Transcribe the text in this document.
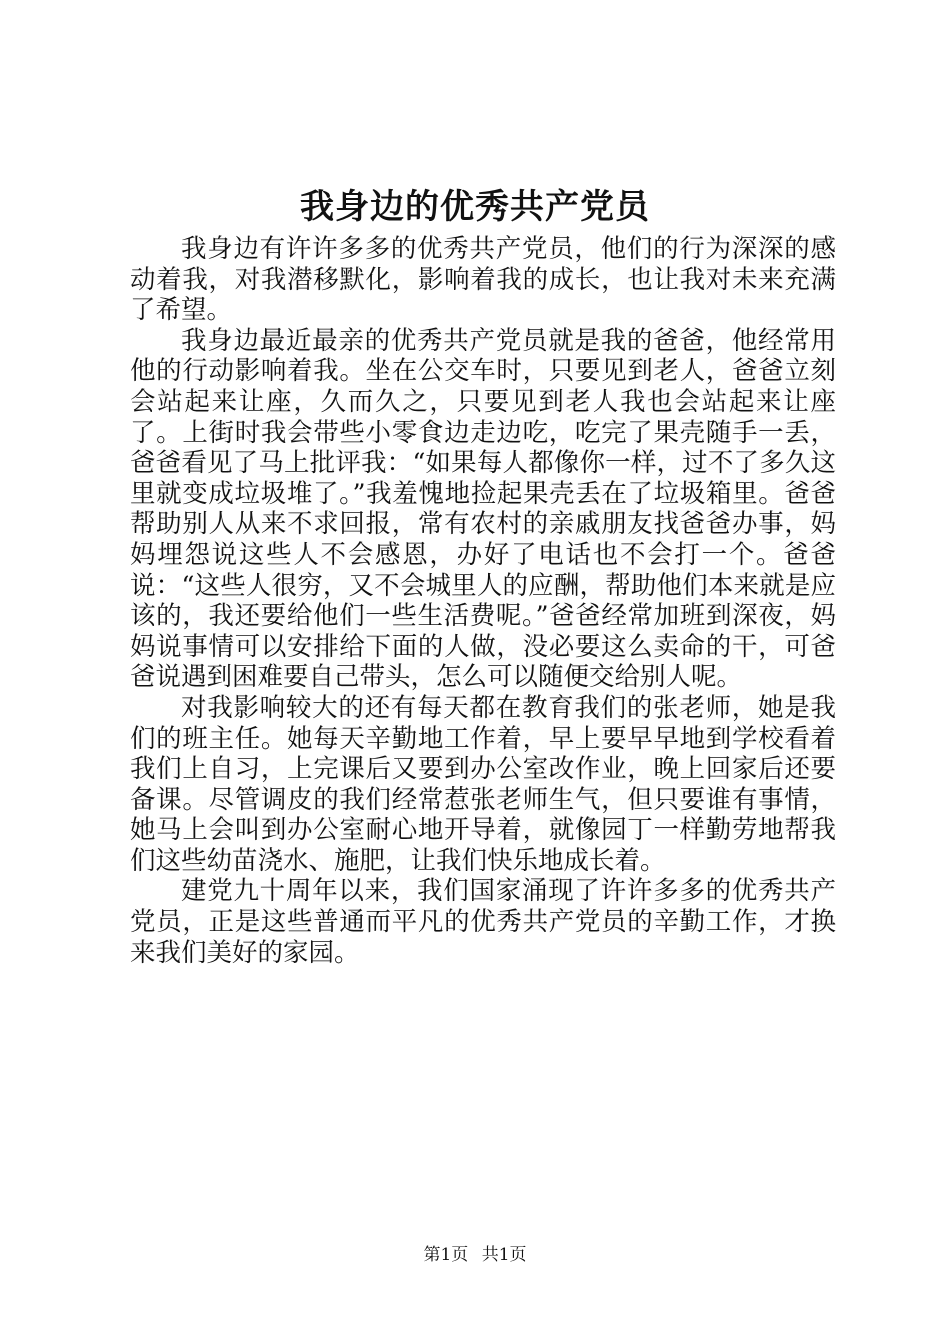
我身边的优秀共产党员

我身边有许许多多的优秀共产党员，他们的行为深深的感动着我，对我潜移默化，影响着我的成长，也让我对未来充满了希望。

我身边最近最亲的优秀共产党员就是我的爸爸，他经常用他的行动影响着我。坐在公交车时，只要见到老人，爸爸立刻会站起来让座，久而久之，只要见到老人我也会站起来让座了。上街时我会带些小零食边走边吃，吃完了果壳随手一丢，爸爸看见了马上批评我：“如果每人都像你一样，过不了多久这里就变成垃圾堆了。”我羞愧地捡起果壳丢在了垃圾箱里。爸爸帮助别人从来不求回报，常有农村的亲戚朋友找爸爸办事，妈妈埋怨说这些人不会感恩，办好了电话也不会打一个。爸爸说：“这些人很穷，又不会城里人的应酬，帮助他们本来就是应该的，我还要给他们一些生活费呢。”爸爸经常加班到深夜，妈妈说事情可以安排给下面的人做，没必要这么卖命的干，可爸爸说遇到困难要自己带头，怎么可以随便交给别人呢。

对我影响较大的还有每天都在教育我们的张老师，她是我们的班主任。她每天辛勤地工作着，早上要早早地到学校看着我们上自习，上完课后又要到办公室改作业，晚上回家后还要备课。尽管调皮的我们经常惹张老师生气，但只要谁有事情，她马上会叫到办公室耐心地开导着，就像园丁一样勤劳地帮我们这些幼苗浇水、施肥，让我们快乐地成长着。

建党九十周年以来，我们国家涌现了许许多多的优秀共产党员，正是这些普通而平凡的优秀共产党员的辛勤工作，才换来我们美好的家园。

第1页 共1页
